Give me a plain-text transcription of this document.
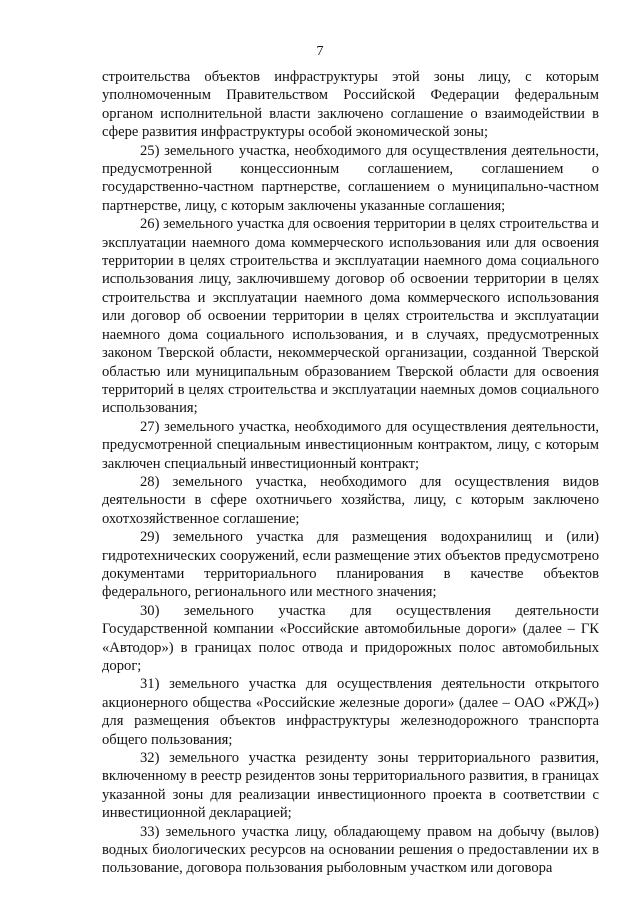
7

строительства объектов инфраструктуры этой зоны лицу, с которым уполномоченным Правительством Российской Федерации федеральным органом исполнительной власти заключено соглашение о взаимодействии в сфере развития инфраструктуры особой экономической зоны;

25) земельного участка, необходимого для осуществления деятельности, предусмотренной концессионным соглашением, соглашением о государственно-частном партнерстве, соглашением о муниципально-частном партнерстве, лицу, с которым заключены указанные соглашения;

26) земельного участка для освоения территории в целях строительства и эксплуатации наемного дома коммерческого использования или для освоения территории в целях строительства и эксплуатации наемного дома социального использования лицу, заключившему договор об освоении территории в целях строительства и эксплуатации наемного дома коммерческого использования или договор об освоении территории в целях строительства и эксплуатации наемного дома социального использования, и в случаях, предусмотренных законом Тверской области, некоммерческой организации, созданной Тверской областью или муниципальным образованием Тверской области для освоения территорий в целях строительства и эксплуатации наемных домов социального использования;

27) земельного участка, необходимого для осуществления деятельности, предусмотренной специальным инвестиционным контрактом, лицу, с которым заключен специальный инвестиционный контракт;

28) земельного участка, необходимого для осуществления видов деятельности в сфере охотничьего хозяйства, лицу, с которым заключено охотхозяйственное соглашение;

29) земельного участка для размещения водохранилищ и (или) гидротехнических сооружений, если размещение этих объектов предусмотрено документами территориального планирования в качестве объектов федерального, регионального или местного значения;

30) земельного участка для осуществления деятельности Государственной компании «Российские автомобильные дороги» (далее – ГК «Автодор») в границах полос отвода и придорожных полос автомобильных дорог;

31) земельного участка для осуществления деятельности открытого акционерного общества «Российские железные дороги» (далее – ОАО «РЖД») для размещения объектов инфраструктуры железнодорожного транспорта общего пользования;

32) земельного участка резиденту зоны территориального развития, включенному в реестр резидентов зоны территориального развития, в границах указанной зоны для реализации инвестиционного проекта в соответствии с инвестиционной декларацией;

33) земельного участка лицу, обладающему правом на добычу (вылов) водных биологических ресурсов на основании решения о предоставлении их в пользование, договора пользования рыболовным участком или договора
